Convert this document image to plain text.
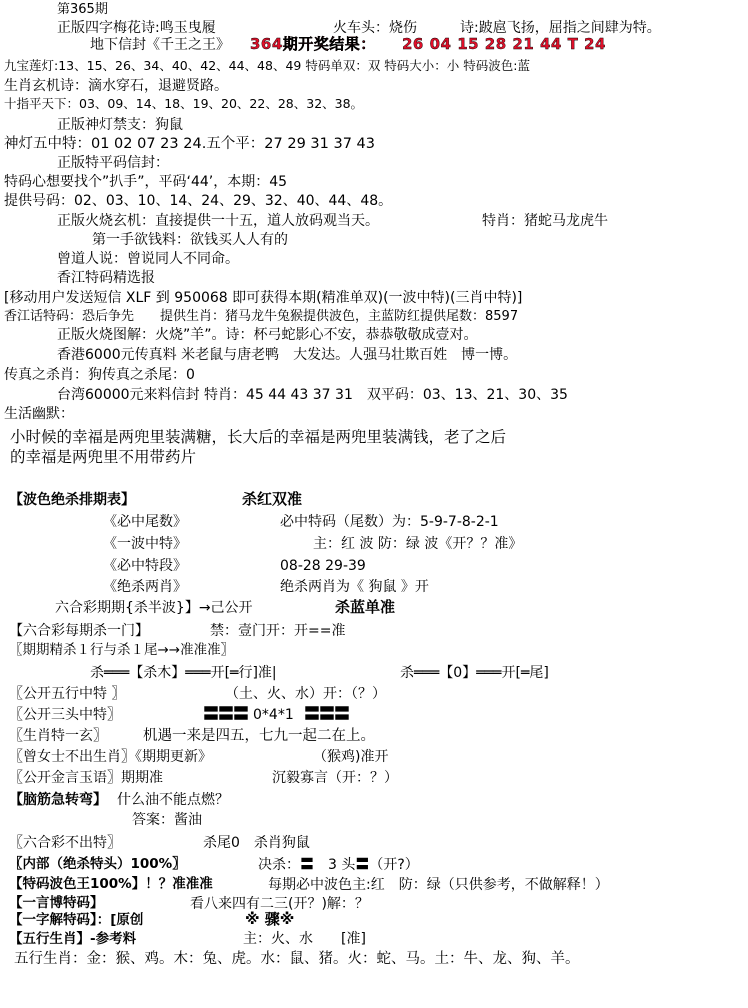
第365期
正版四字梅花诗:鸣玉曳履	火车头：烧伤	诗:跛扈飞扬，屈指之间肆为特。
地下信封《千王之王》 364期开奖结果： 26 04 15 28 21 44 T 24
九宝莲灯:13、15、26、34、40、42、44、48、49 特码单双：双 特码大小：小 特码波色:蓝
生肖玄机诗：滴水穿石，退避贤路。
十指平天下：03、09、14、18、19、20、22、28、32、38。
正版神灯禁支：狗鼠
神灯五中特：01 02 07 23 24.五个平：27 29 31 37 43
正版特平码信封：
特码心想要找个”扒手”，平码‘44’，本期：45
提供号码：02、03、10、14、24、29、32、40、44、48。
正版火烧玄机：直接提供一十五，道人放码观当天。	特肖：猪蛇马龙虎牛
第一手欲钱料：欲钱买人人有的
曾道人说：曾说同人不同命。
香江特码精选报
[移动用户发送短信 XLF 到 950068 即可获得本期(精准单双)(一波中特)(三肖中特)]
香江话特码：恐后争先　　提供生肖：猪马龙牛兔猴提供波色，主蓝防红提供尾数：8597
正版火烧图解：火烧”羊”。诗：杯弓蛇影心不安，恭恭敬敬成壹对。
香港6000元传真料 米老鼠与唐老鸭　大发达。人强马壮欺百姓　博一博。
传真之杀肖：狗传真之杀尾：0
台湾60000元来料信封 特肖：45 44 43 37 31　双平码：03、13、21、30、35
生活幽默：
小时候的幸福是两兜里装满糖，长大后的幸福是两兜里装满钱，老了之后
的幸福是两兜里不用带药片
【波色绝杀排期表】	杀红双准
《必中尾数》	必中特码（尾数）为：5-9-7-8-2-1
《一波中特》	主：红 波 防：绿 波《开？？准》
《必中特段》	08-28 29-39
《绝杀两肖》	绝杀两肖为《 狗鼠 》开
六合彩期期{杀半波}】→己公开	杀蓝单准
【六合彩每期杀一门】	禁：壹门开：开==准
〖期期精杀１行与杀１尾→→准准准〗
杀═══【杀木】═══开[═行]准|	杀═══【0】═══开[═尾]
〖公开五行中特 〗	（土、火、水）开：（？）
〖公开三头中特〗	〓〓〓 0*4*1 〓〓〓
〖生肖特一玄〗 机遇一来是四五，七九一起二在上。
〖曾女士不出生肖〗《期期更新》	（猴鸡)准开
〖公开金言玉语〗期期准	沉毅寡言（开：？）
【脑筋急转弯】 什么油不能点燃？
答案：酱油
〖六合彩不出特〗	杀尾0　杀肖狗鼠
〖内部（绝杀特头）100%〗	决杀：〓　3 头〓（开?）
【特码波色王100%】！？准准准	每期必中波色主:红　防：绿（只供参考，不做解释！）
【一言博特码】	看八来四有二三(开？)解：？
【一字解特码】：[原创	※ 骤※
【五行生肖】-参考料	主：火、水　　[准]
五行生肖：金：猴、鸡。木：兔、虎。水：鼠、猪。火：蛇、马。土：牛、龙、狗、羊。
